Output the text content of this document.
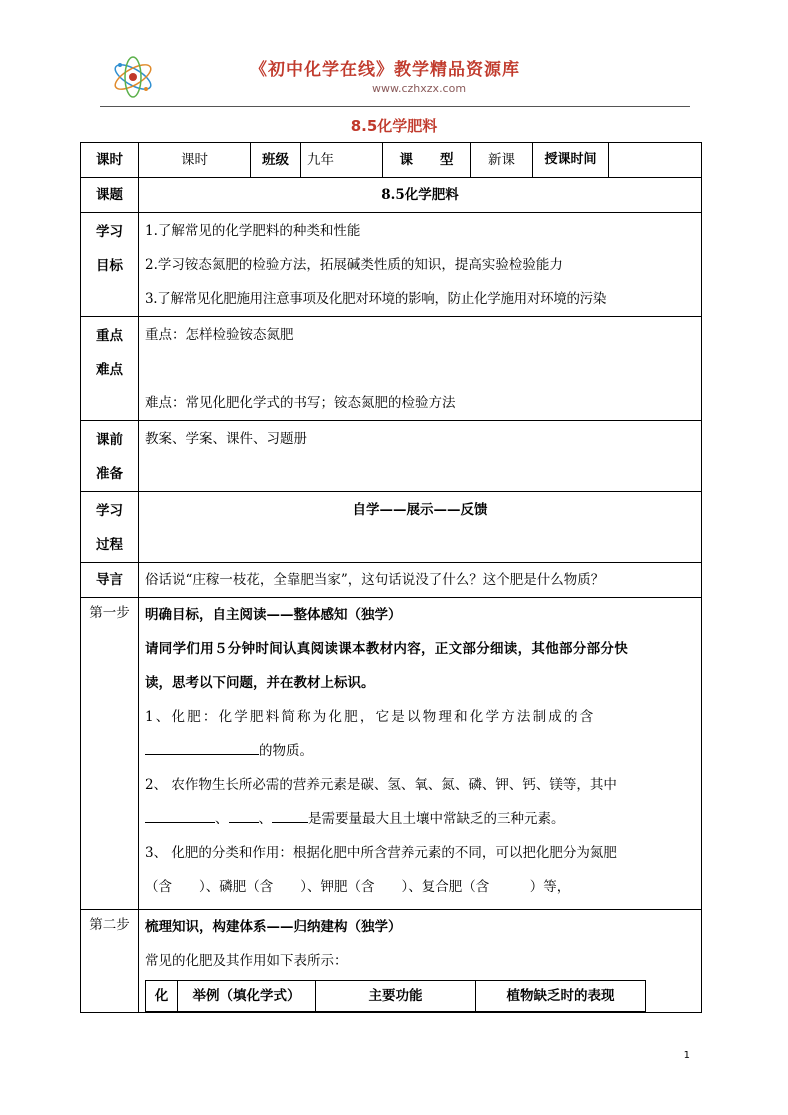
《初中化学在线》教学精品资源库
www.czhxzx.com
8.5化学肥料
课时	课时	班级	九年	课　　型	新课	授课时间	
课题	8.5化学肥料

学习
目标

1.了解常见的化学肥料的种类和性能
2.学习铵态氮肥的检验方法，拓展碱类性质的知识，提高实验检验能力
3.了解常见化肥施用注意事项及化肥对环境的影响，防止化学施用对环境的污染

重点
难点

重点：怎样检验铵态氮肥

难点：常见化肥化学式的书写；铵态氮肥的检验方法

课前
准备
	教案、学案、课件、习题册

学习
过程
	自学——展示——反馈
导言	俗话说“庄稼一枝花，全靠肥当家”，这句话说没了什么？这个肥是什么物质？
第一步	明确目标，自主阅读——整体感知（独学）
请同学们用５分钟时间认真阅读课本教材内容，正文部分细读，其他部分部分快
读，思考以下问题，并在教材上标识。
1、化肥：化学肥料简称为化肥，它是以物理和化学方法制成的含
的物质。
2、 农作物生长所必需的营养元素是碳、氢、氧、氮、磷、钾、钙、镁等，其中
、 、	是需要量最大且土壤中常缺乏的三种元素。
3、 化肥的分类和作用：根据化肥中所含营养元素的不同，可以把化肥分为氮肥
（含　　）、磷肥（含　　）、钾肥（含　　）、复合肥（含　　　）等，

第二步	梳理知识，构建体系——归纳建构（独学）
常见的化肥及其作用如下表所示：
化	举例（填化学式）	主要功能	植物缺乏时的表现
1
